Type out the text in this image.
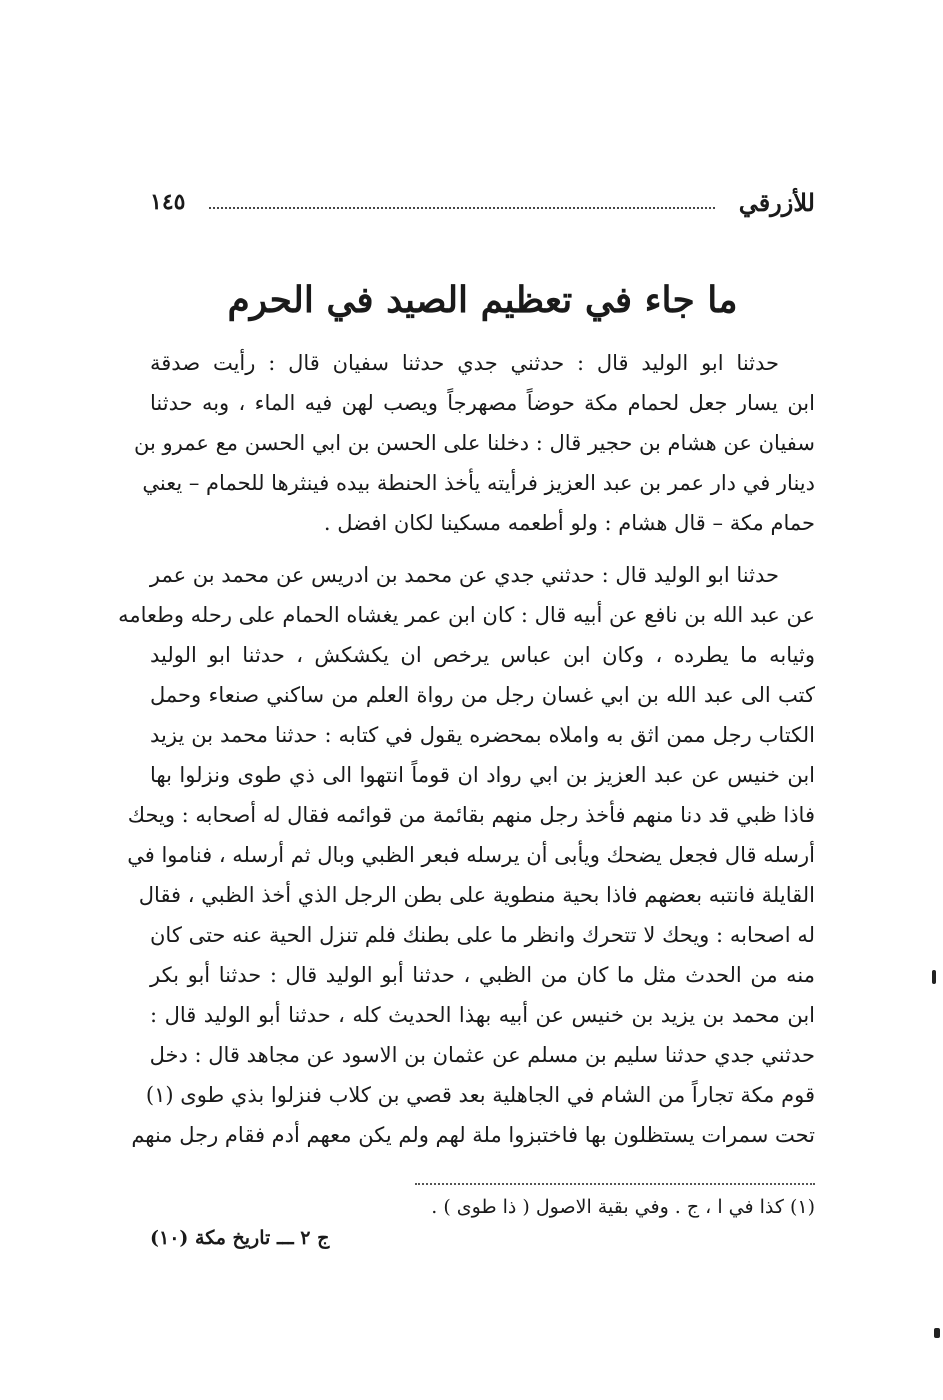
للأزرقي
١٤٥
ما جاء في تعظيم الصيد في الحرم
حدثنا ابو الوليد قال : حدثني جدي حدثنا سفيان قال : رأيت صدقة
ابن يسار جعل لحمام مكة حوضاً مصهرجاً ويصب لهن فيه الماء ، وبه حدثنا
سفيان عن هشام بن حجير قال : دخلنا على الحسن بن ابي الحسن مع عمرو بن
دينار في دار عمر بن عبد العزيز فرأيته يأخذ الحنطة بيده فينثرها للحمام – يعني
حمام مكة – قال هشام : ولو أطعمه مسكينا لكان افضل .
حدثنا ابو الوليد قال : حدثني جدي عن محمد بن ادريس عن محمد بن عمر
عن عبد الله بن نافع عن أبيه قال : كان ابن عمر يغشاه الحمام على رحله وطعامه
وثيابه ما يطرده ، وكان ابن عباس يرخص ان يكشكش ، حدثنا ابو الوليد
كتب الى عبد الله بن ابي غسان رجل من رواة العلم من ساكني صنعاء وحمل
الكتاب رجل ممن اثق به واملاه بمحضره يقول في كتابه : حدثنا محمد بن يزيد
ابن خنيس عن عبد العزيز بن ابي رواد ان قوماً انتهوا الى ذي طوى ونزلوا بها
فاذا ظبي قد دنا منهم فأخذ رجل منهم بقائمة من قوائمه فقال له أصحابه : ويحك
أرسله قال فجعل يضحك ويأبى أن يرسله فبعر الظبي وبال ثم أرسله ، فناموا في
القايلة فانتبه بعضهم فاذا بحية منطوية على بطن الرجل الذي أخذ الظبي ، فقال
له اصحابه : ويحك لا تتحرك وانظر ما على بطنك فلم تنزل الحية عنه حتى كان
منه من الحدث مثل ما كان من الظبي ، حدثنا أبو الوليد قال : حدثنا أبو بكر
ابن محمد بن يزيد بن خنيس عن أبيه بهذا الحديث كله ، حدثنا أبو الوليد قال :
حدثني جدي حدثنا سليم بن مسلم عن عثمان بن الاسود عن مجاهد قال : دخل
قوم مكة تجاراً من الشام في الجاهلية بعد قصي بن كلاب فنزلوا بذي طوى (١)
تحت سمرات يستظلون بها فاختبزوا ملة لهم ولم يكن معهم أدم فقام رجل منهم
(١) كذا في ا ، ج . وفي بقية الاصول ( ذا طوى ) .
ج ٢ ـــ تاريخ مكة (١٠)
